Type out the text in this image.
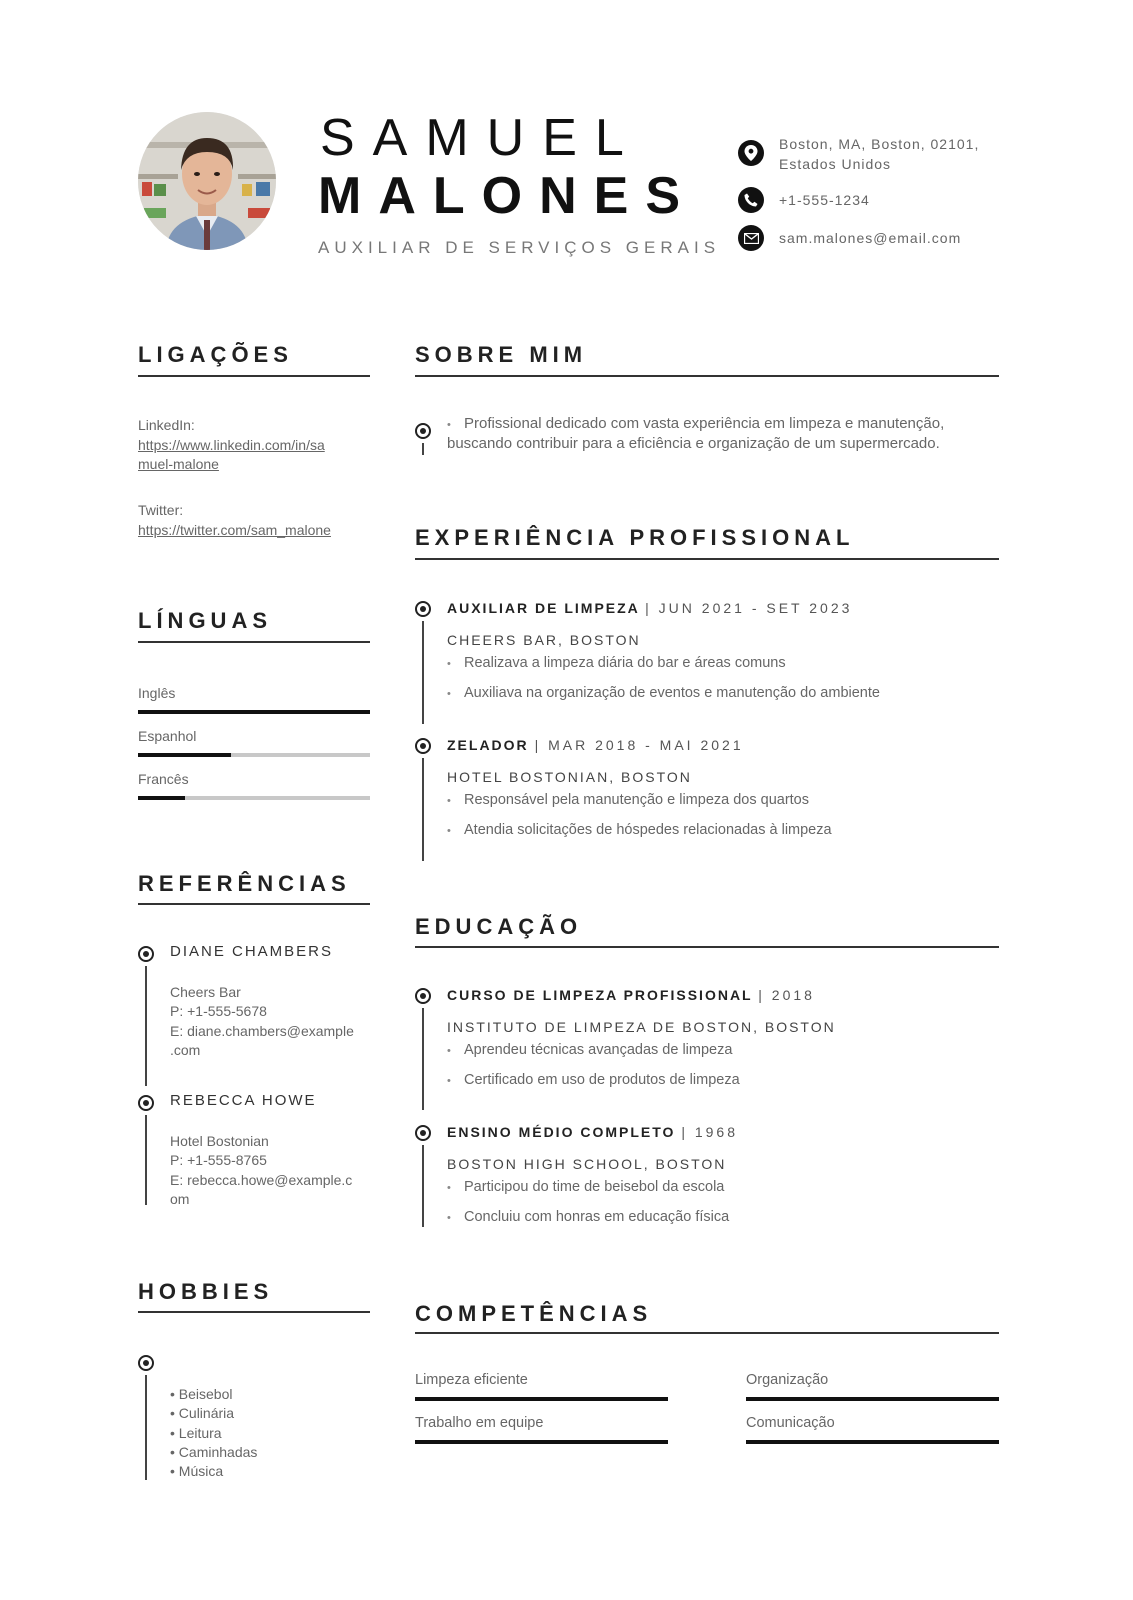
SAMUEL
MALONES
AUXILIAR DE SERVIÇOS GERAIS
Boston, MA, Boston, 02101,
Estados Unidos
+1-555-1234
sam.malones@email.com
LIGAÇÕES
LinkedIn:
https://www.linkedin.com/in/sa
muel-malone
Twitter:
https://twitter.com/sam_malone
LÍNGUAS
Inglês
Espanhol
Francês
REFERÊNCIAS
DIANE CHAMBERS
Cheers Bar
P: +1-555-5678
E: diane.chambers@example
.com
REBECCA HOWE
Hotel Bostonian
P: +1-555-8765
E: rebecca.howe@example.c
om
HOBBIES
• Beisebol
• Culinária
• Leitura
• Caminhadas
• Música
SOBRE MIM
• Profissional dedicado com vasta experiência em limpeza e manutenção,
buscando contribuir para a eficiência e organização de um supermercado.
EXPERIÊNCIA PROFISSIONAL
AUXILIAR DE LIMPEZA | JUN 2021 - SET 2023
CHEERS BAR, BOSTON
• Realizava a limpeza diária do bar e áreas comuns
• Auxiliava na organização de eventos e manutenção do ambiente
ZELADOR | MAR 2018 - MAI 2021
HOTEL BOSTONIAN, BOSTON
• Responsável pela manutenção e limpeza dos quartos
• Atendia solicitações de hóspedes relacionadas à limpeza
EDUCAÇÃO
CURSO DE LIMPEZA PROFISSIONAL | 2018
INSTITUTO DE LIMPEZA DE BOSTON, BOSTON
• Aprendeu técnicas avançadas de limpeza
• Certificado em uso de produtos de limpeza
ENSINO MÉDIO COMPLETO | 1968
BOSTON HIGH SCHOOL, BOSTON
• Participou do time de beisebol da escola
• Concluiu com honras em educação física
COMPETÊNCIAS
Limpeza eficiente	Organização
Trabalho em equipe	Comunicação
